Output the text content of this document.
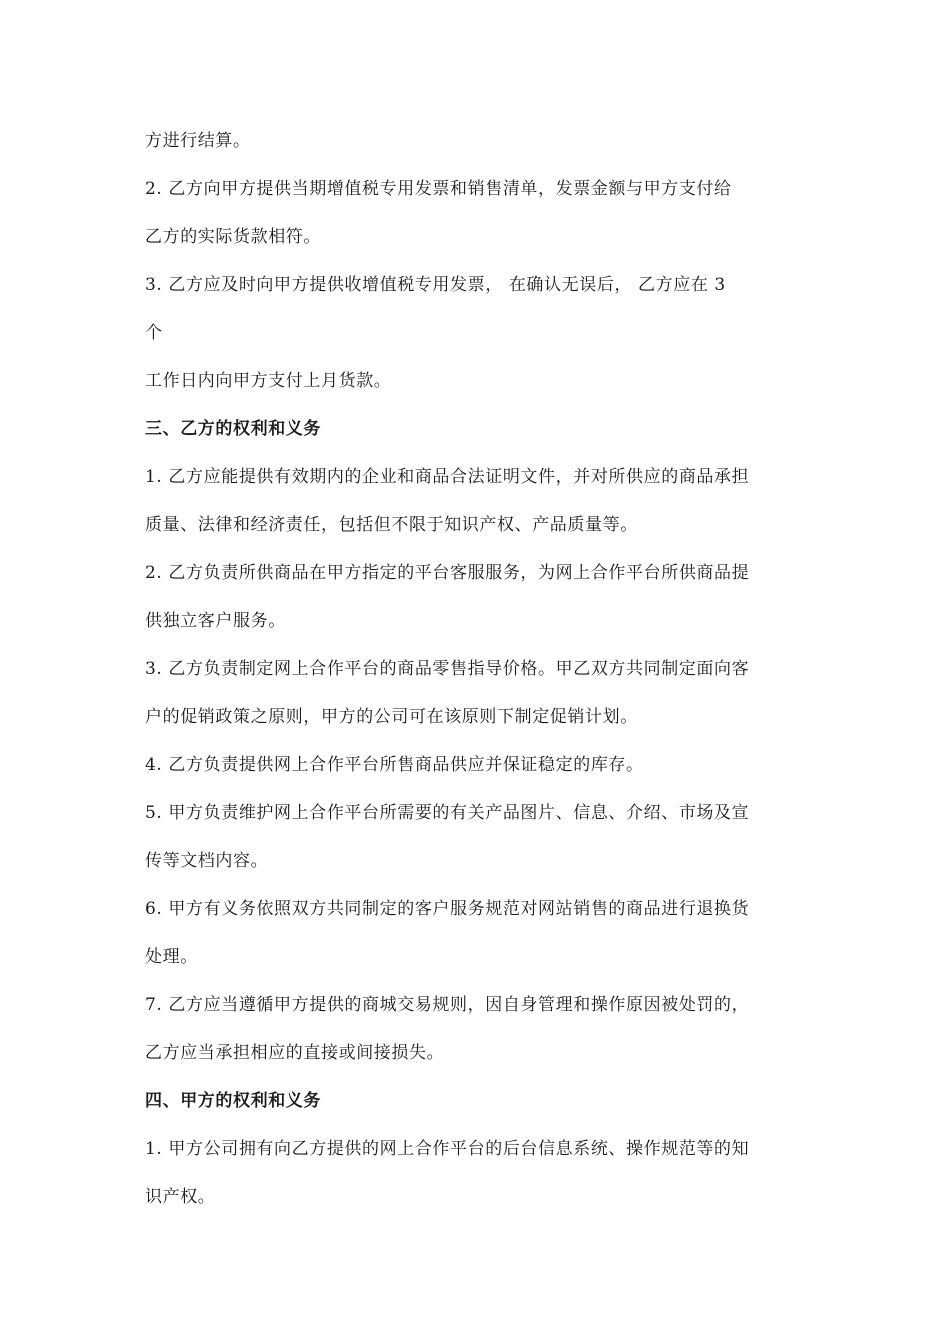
方进行结算。
2. 乙方向甲方提供当期增值税专用发票和销售清单，发票金额与甲方支付给
乙方的实际货款相符。
3. 乙方应及时向甲方提供收增值税专用发票， 在确认无误后， 乙方应在 3
个
工作日内向甲方支付上月货款。
三、乙方的权利和义务
1. 乙方应能提供有效期内的企业和商品合法证明文件，并对所供应的商品承担
质量、法律和经济责任，包括但不限于知识产权、产品质量等。
2. 乙方负责所供商品在甲方指定的平台客服服务，为网上合作平台所供商品提
供独立客户服务。
3. 乙方负责制定网上合作平台的商品零售指导价格。甲乙双方共同制定面向客
户的促销政策之原则，甲方的公司可在该原则下制定促销计划。
4. 乙方负责提供网上合作平台所售商品供应并保证稳定的库存。
5. 甲方负责维护网上合作平台所需要的有关产品图片、信息、介绍、市场及宣
传等文档内容。
6. 甲方有义务依照双方共同制定的客户服务规范对网站销售的商品进行退换货
处理。
7. 乙方应当遵循甲方提供的商城交易规则，因自身管理和操作原因被处罚的，
乙方应当承担相应的直接或间接损失。
四、甲方的权利和义务
1. 甲方公司拥有向乙方提供的网上合作平台的后台信息系统、操作规范等的知
识产权。
